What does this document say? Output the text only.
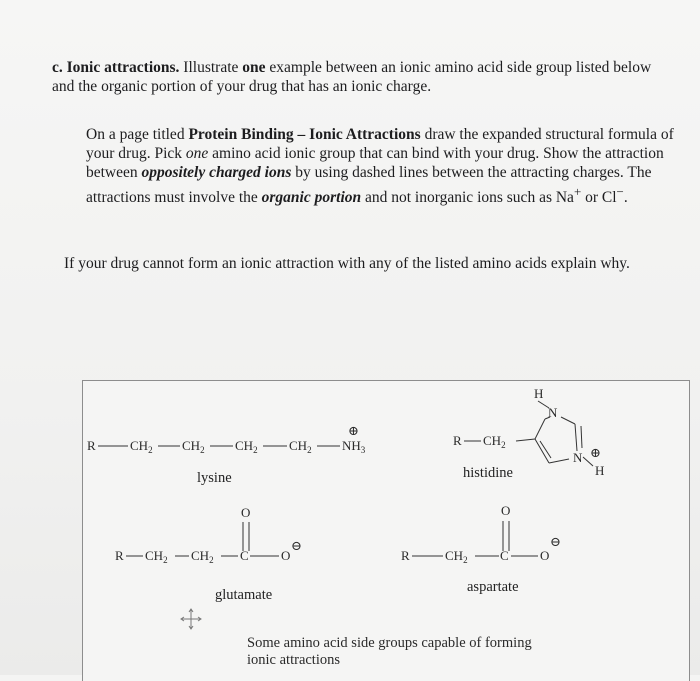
c. Ionic attractions. Illustrate one example between an ionic amino acid side group listed below and the organic portion of your drug that has an ionic charge.
On a page titled Protein Binding – Ionic Attractions draw the expanded structural formula of your drug. Pick one amino acid ionic group that can bind with your drug. Show the attraction between oppositely charged ions by using dashed lines between the attracting charges. The attractions must involve the organic portion and not inorganic ions such as Na+ or Cl−.
If your drug cannot form an ionic attraction with any of the listed amino acids explain why.
R	$CH_2$ $CH_2$ $CH_2$ $CH_2$ $NH_3$
⊕
lysine
R $CH_2$
H
N
N ⊕
H
histidine
O
R $CH_2$ $CH_2$ C O
⊖
glutamate
O
R	$CH_2$ C O
⊖
aspartate
Some amino acid side groups capable of forming ionic attractions
